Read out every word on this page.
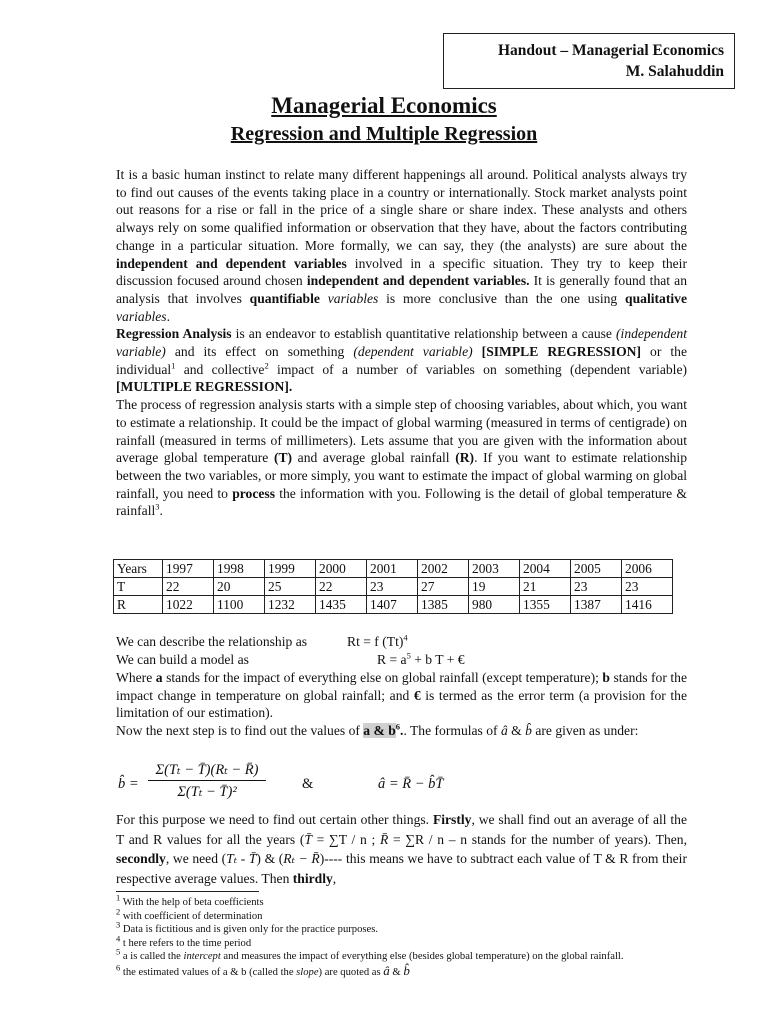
Handout – Managerial Economics
M. Salahuddin
Managerial Economics
Regression and Multiple Regression

It is a basic human instinct to relate many different happenings all around. Political analysts always try to find out causes of the events taking place in a country or internationally. Stock market analysts point out reasons for a rise or fall in the price of a single share or share index. These analysts and others always rely on some qualified information or observation that they have, about the factors contributing change in a particular situation. More formally, we can say, they (the analysts) are sure about the independent and dependent variables involved in a specific situation. They try to keep their discussion focused around chosen independent and dependent variables. It is generally found that an analysis that involves quantifiable variables is more conclusive than the one using qualitative variables.

Regression Analysis is an endeavor to establish quantitative relationship between a cause (independent variable) and its effect on something (dependent variable) [SIMPLE REGRESSION] or the individual$^1$ and collective$^2$ impact of a number of variables on something (dependent variable) [MULTIPLE REGRESSION].

The process of regression analysis starts with a simple step of choosing variables, about which, you want to estimate a relationship. It could be the impact of global warming (measured in terms of centigrade) on rainfall (measured in terms of millimeters). Lets assume that you are given with the information about average global temperature (T) and average global rainfall (R). If you want to estimate relationship between the two variables, or more simply, you want to estimate the impact of global warming on global rainfall, you need to process the information with you. Following is the detail of global temperature & rainfall$^3$.

Years	1997	1998	1999	2000	2001	2002	2003	2004	2005	2006
T	22	20	25	22	23	27	19	21	23	23
R	1022	1100	1232	1435	1407	1385	980	1355	1387	1416
We can describe the relationship as	Rt = f $(Tt)^4$
We can build a model as	$R = a^5 + b$ T + €

Where a stands for the impact of everything else on global rainfall (except temperature); b stands for the impact change in temperature on global rainfall; and € is termed as the error term (a provision for the limitation of our estimation).

Now the next step is to find out the values of a & $b^6$.. The formulas of â & b̂ are given as under:

b̂ =
Σ(Tₜ − T̄)(Rₜ − R̄)
Σ(Tₜ − T̄)²	&	â = R̄ − b̂T̄

For this purpose we need to find out certain other things. Firstly, we shall find out an average of all the T and R values for all the years (T̄ = ∑T / n ; R̄ = ∑R / n – n stands for the number of years). Then, secondly, we need (Tₜ - T̄) & (Rₜ − R̄)---- this means we have to subtract each value of T & R from their respective average values. Then thirdly,

$^1$ With the help of beta coefficients
$^2$ with coefficient of determination
$^3$ Data is fictitious and is given only for the practice purposes.
$^4$ t here refers to the time period
$^5$ a is called the intercept and measures the impact of everything else (besides global temperature) on the global rainfall.
$^6$ the estimated values of a & b (called the slope) are quoted as â & b̂
